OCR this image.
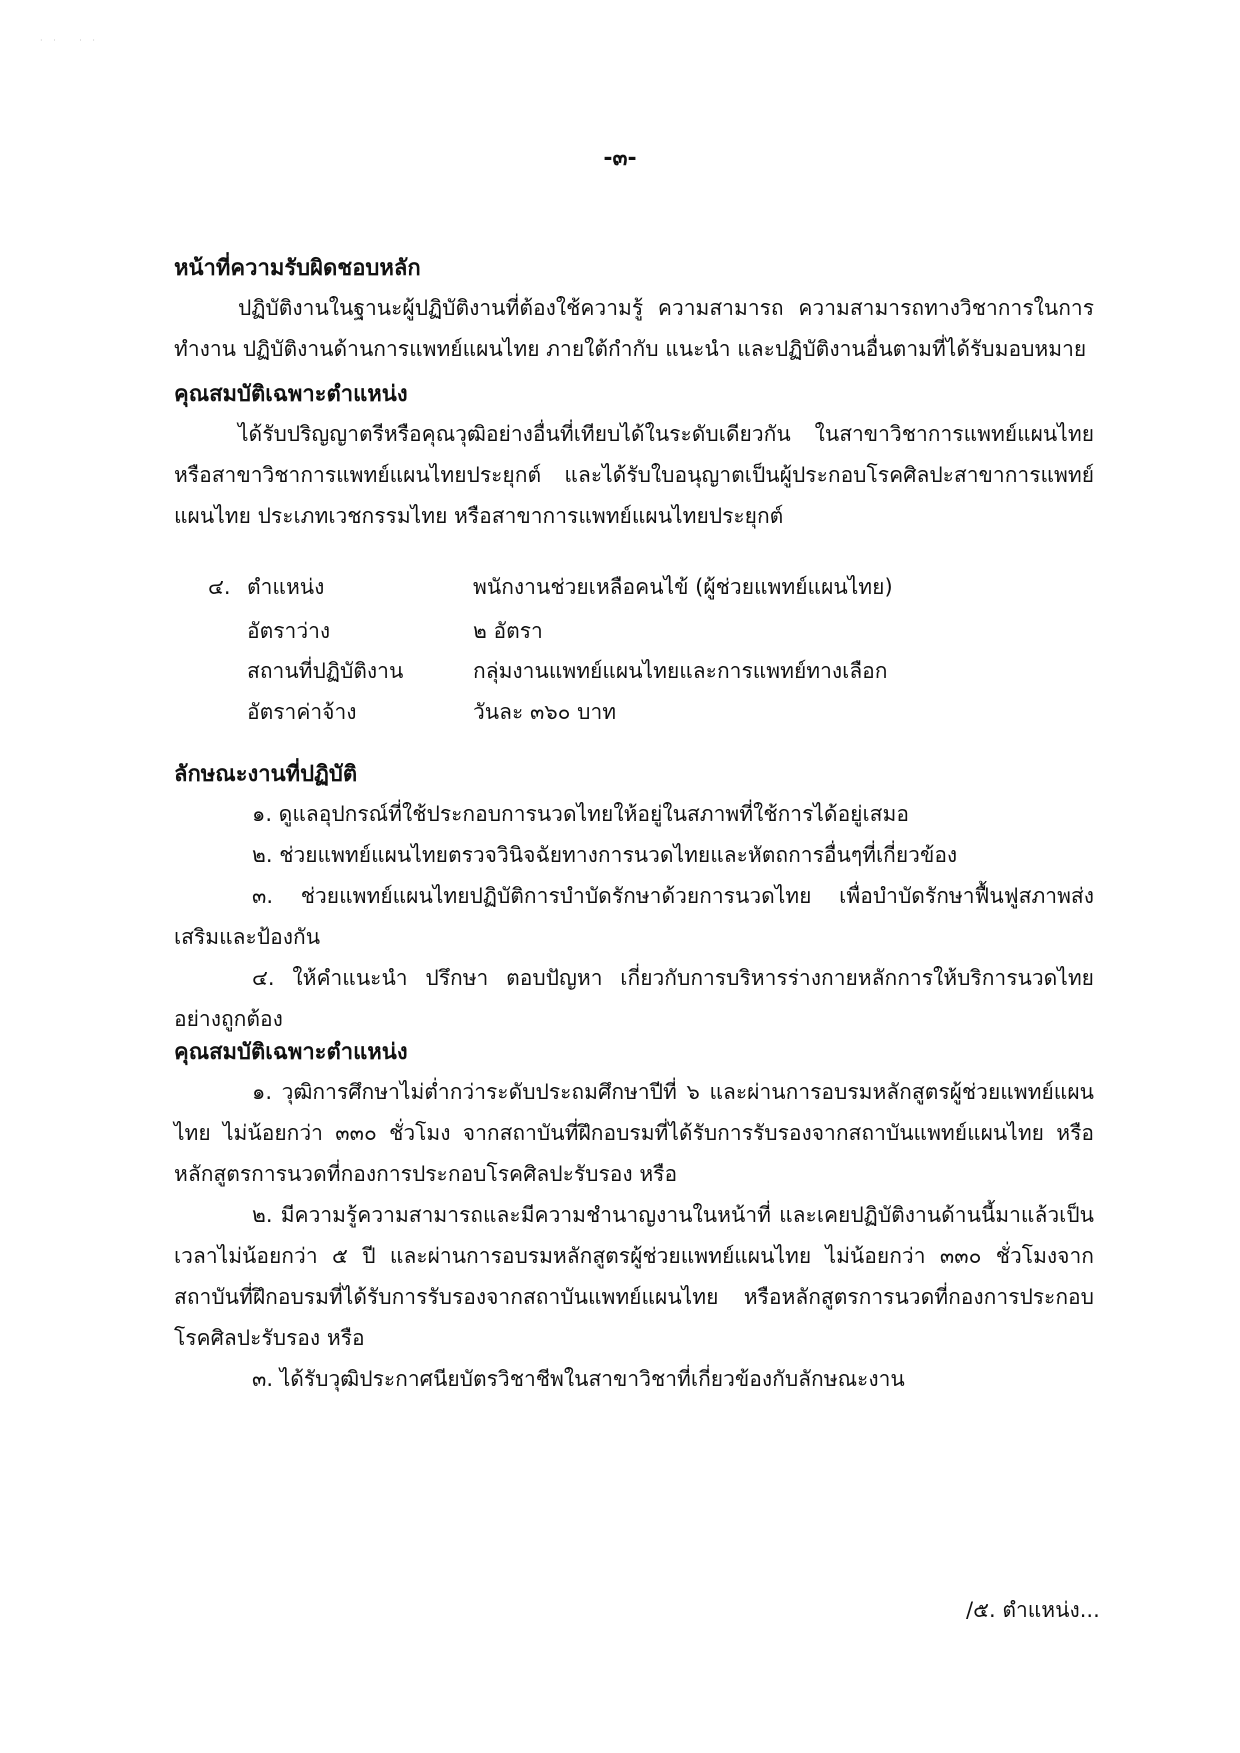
· ·   · ·
-๓-

หน้าที่ความรับผิดชอบหลัก

ปฏิบัติงานในฐานะผู้ปฏิบัติงานที่ต้องใช้ความรู้ ความสามารถ ความสามารถทางวิชาการในการทำงาน ปฏิบัติงานด้านการแพทย์แผนไทย ภายใต้กำกับ แนะนำ และปฏิบัติงานอื่นตามที่ได้รับมอบหมาย

คุณสมบัติเฉพาะตำแหน่ง

ได้รับปริญญาตรีหรือคุณวุฒิอย่างอื่นที่เทียบได้ในระดับเดียวกัน ในสาขาวิชาการแพทย์แผนไทยหรือสาขาวิชาการแพทย์แผนไทยประยุกต์ และได้รับใบอนุญาตเป็นผู้ประกอบโรคศิลปะสาขาการแพทย์แผนไทย ประเภทเวชกรรมไทย หรือสาขาการแพทย์แผนไทยประยุกต์

๔. ตำแหน่ง	พนักงานช่วยเหลือคนไข้ (ผู้ช่วยแพทย์แผนไทย)
อัตราว่าง	๒ อัตรา
สถานที่ปฏิบัติงาน	กลุ่มงานแพทย์แผนไทยและการแพทย์ทางเลือก
อัตราค่าจ้าง	วันละ ๓๖๐ บาท

ลักษณะงานที่ปฏิบัติ

๑. ดูแลอุปกรณ์ที่ใช้ประกอบการนวดไทยให้อยู่ในสภาพที่ใช้การได้อยู่เสมอ

๒. ช่วยแพทย์แผนไทยตรวจวินิจฉัยทางการนวดไทยและหัตถการอื่นๆที่เกี่ยวข้อง

๓. ช่วยแพทย์แผนไทยปฏิบัติการบำบัดรักษาด้วยการนวดไทย เพื่อบำบัดรักษาฟื้นฟูสภาพส่งเสริมและป้องกัน

๔. ให้คำแนะนำ ปรึกษา ตอบปัญหา เกี่ยวกับการบริหารร่างกายหลักการให้บริการนวดไทยอย่างถูกต้อง

คุณสมบัติเฉพาะตำแหน่ง

๑. วุฒิการศึกษาไม่ต่ำกว่าระดับประถมศึกษาปีที่ ๖ และผ่านการอบรมหลักสูตรผู้ช่วยแพทย์แผนไทย ไม่น้อยกว่า ๓๓๐ ชั่วโมง จากสถาบันที่ฝึกอบรมที่ได้รับการรับรองจากสถาบันแพทย์แผนไทย หรือหลักสูตรการนวดที่กองการประกอบโรคศิลปะรับรอง หรือ

๒. มีความรู้ความสามารถและมีความชำนาญงานในหน้าที่ และเคยปฏิบัติงานด้านนี้มาแล้วเป็นเวลาไม่น้อยกว่า ๕ ปี และผ่านการอบรมหลักสูตรผู้ช่วยแพทย์แผนไทย ไม่น้อยกว่า ๓๓๐ ชั่วโมงจากสถาบันที่ฝึกอบรมที่ได้รับการรับรองจากสถาบันแพทย์แผนไทย หรือหลักสูตรการนวดที่กองการประกอบโรคศิลปะรับรอง หรือ

๓. ได้รับวุฒิประกาศนียบัตรวิชาชีพในสาขาวิชาที่เกี่ยวข้องกับลักษณะงาน

/๕. ตำแหน่ง...
